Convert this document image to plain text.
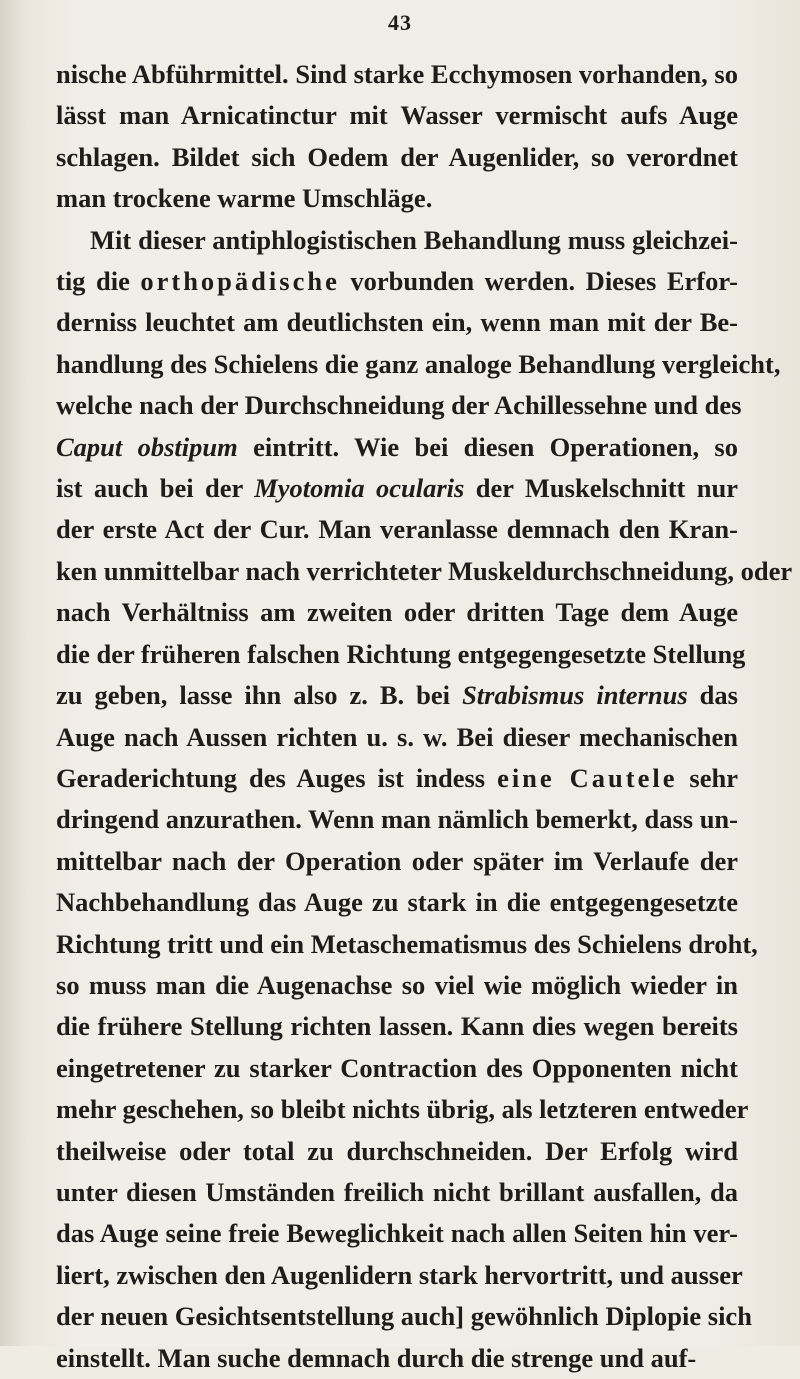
43
nische Abführmittel. Sind starke Ecchymosen vorhanden, so
lässt man Arnicatinctur mit Wasser vermischt aufs Auge
schlagen. Bildet sich Oedem der Augenlider, so verordnet
man trockene warme Umschläge.
Mit dieser antiphlogistischen Behandlung muss gleichzei-
tig die orthopädische vorbunden werden. Dieses Erfor-
derniss leuchtet am deutlichsten ein, wenn man mit der Be-
handlung des Schielens die ganz analoge Behandlung vergleicht,
welche nach der Durchschneidung der Achillessehne und des
Caput obstipum eintritt. Wie bei diesen Operationen, so
ist auch bei der Myotomia ocularis der Muskelschnitt nur
der erste Act der Cur. Man veranlasse demnach den Kran-
ken unmittelbar nach verrichteter Muskeldurchschneidung, oder
nach Verhältniss am zweiten oder dritten Tage dem Auge
die der früheren falschen Richtung entgegengesetzte Stellung
zu geben, lasse ihn also z. B. bei Strabismus internus das
Auge nach Aussen richten u. s. w. Bei dieser mechanischen
Geraderichtung des Auges ist indess eine Cautele sehr
dringend anzurathen. Wenn man nämlich bemerkt, dass un-
mittelbar nach der Operation oder später im Verlaufe der
Nachbehandlung das Auge zu stark in die entgegengesetzte
Richtung tritt und ein Metaschematismus des Schielens droht,
so muss man die Augenachse so viel wie möglich wieder in
die frühere Stellung richten lassen. Kann dies wegen bereits
eingetretener zu starker Contraction des Opponenten nicht
mehr geschehen, so bleibt nichts übrig, als letzteren entweder
theilweise oder total zu durchschneiden. Der Erfolg wird
unter diesen Umständen freilich nicht brillant ausfallen, da
das Auge seine freie Beweglichkeit nach allen Seiten hin ver-
liert, zwischen den Augenlidern stark hervortritt, und ausser
der neuen Gesichtsentstellung auch] gewöhnlich Diplopie sich
einstellt. Man suche demnach durch die strenge und auf-
